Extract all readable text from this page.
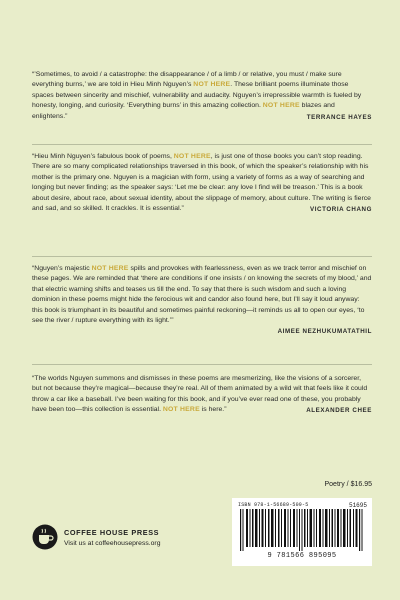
“’Sometimes, to avoid / a catastrophe: the disappearance / of a limb / or relative, you must / make sure everything burns,’ we are told in Hieu Minh Nguyen’s NOT HERE. These brilliant poems illuminate those spaces between sincerity and mischief, vulnerability and audacity. Nguyen’s irrepressible warmth is fueled by honesty, longing, and curiosity. ‘Everything burns’ in this amazing collection. NOT HERE blazes and enlightens.”	TERRANCE HAYES

“Hieu Minh Nguyen’s fabulous book of poems, NOT HERE, is just one of those books you can’t stop reading. There are so many complicated relationships traversed in this book, of which the speaker’s relationship with his mother is the primary one. Nguyen is a magician with form, using a variety of forms as a way of searching and longing but never finding; as the speaker says: ‘Let me be clear: any love I find will be treason.’ This is a book about desire, about race, about sexual identity, about the slippage of memory, about culture. The writing is fierce and sad, and so skilled. It crackles. It is essential.”	VICTORIA CHANG

“Nguyen’s majestic NOT HERE spills and provokes with fearlessness, even as we track terror and mischief on these pages. We are reminded that ‘there are conditions if one insists / on knowing the secrets of my blood,’ and that electric warning shifts and teases us till the end. To say that there is such wisdom and such a loving dominion in these poems might hide the ferocious wit and candor also found here, but I’ll say it loud anyway: this book is triumphant in its beautiful and sometimes painful reckoning—it reminds us all to open our eyes, ‘to see the river / rupture everything with its light.’”

AIMEE NEZHUKUMATATHIL

“The worlds Nguyen summons and dismisses in these poems are mesmerizing, like the visions of a sorcerer, but not because they’re magical—because they’re real. All of them animated by a wild wit that feels like it could throw a car like a baseball. I’ve been waiting for this book, and if you’ve ever read one of these, you probably have been too—this collection is essential. NOT HERE is here.”	ALEXANDER CHEE

Poetry / $16.95
ISBN 978-1-56689-509-5	51695
9 781566 895095
COFFEE HOUSE PRESS
Visit us at coffeehousepress.org
